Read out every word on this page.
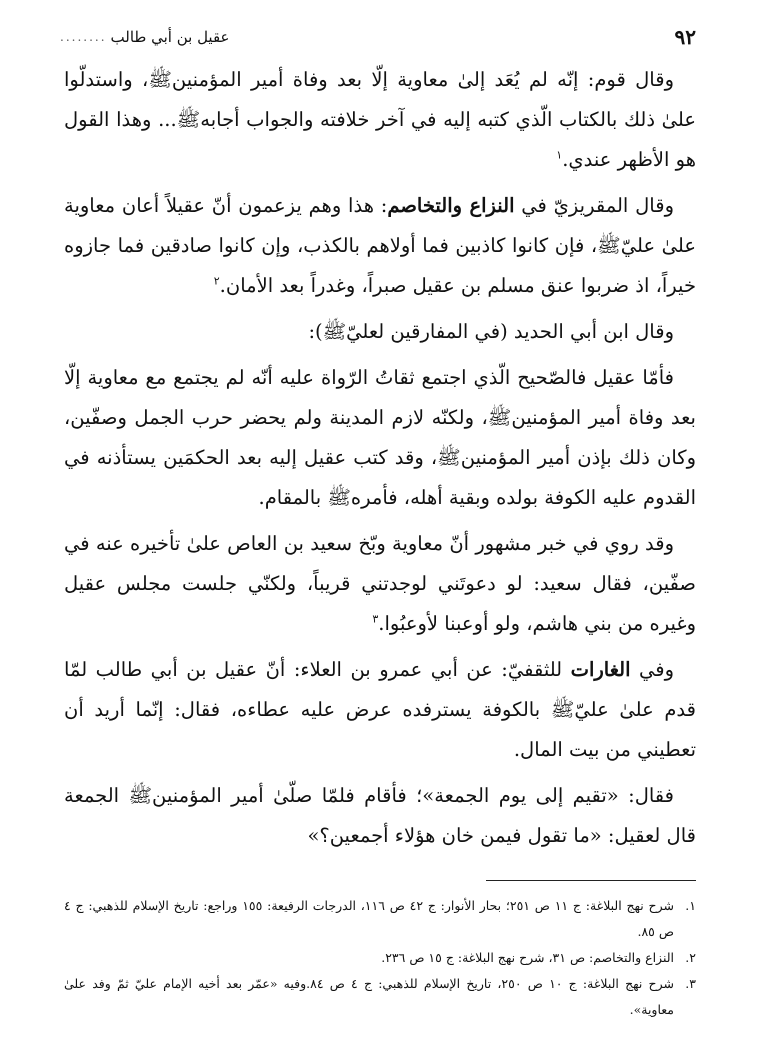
٩٢
عقيل بن أبي طالب
........

وقال قوم: إنّه لم يُعَد إلىٰ معاوية إلّا بعد وفاة أمير المؤمنينﷺ، واستدلّوا علىٰ ذلك بالكتاب الّذي كتبه إليه في آخر خلافته والجواب أجابهﷺ... وهذا القول هو الأظهر عندي.$^١$

وقال المقريزيّ في النزاع والتخاصم: هذا وهم يزعمون أنّ عقيلاً أعان معاوية علىٰ عليّﷺ، فإن كانوا كاذبين فما أولاهم بالكذب، وإن كانوا صادقين فما جازوه خيراً، اذ ضربوا عنق مسلم بن عقيل صبراً، وغدراً بعد الأمان.$^٢$

وقال ابن أبي الحديد (في المفارقين لعليّﷺ):

فأمّا عقيل فالصّحيح الّذي اجتمع ثقاتُ الرّواة عليه أنّه لم يجتمع مع معاوية إلّا بعد وفاة أمير المؤمنينﷺ، ولكنّه لازم المدينة ولم يحضر حرب الجمل وصفّين، وكان ذلك بإذن أمير المؤمنينﷺ، وقد كتب عقيل إليه بعد الحكمَين يستأذنه في القدوم عليه الكوفة بولده وبقية أهله، فأمرهﷺ بالمقام.

وقد روي في خبر مشهور أنّ معاوية وبّخ سعيد بن العاص علىٰ تأخيره عنه في صفّين، فقال سعيد: لو دعوتَني لوجدتني قريباً، ولكنّي جلست مجلس عقيل وغيره من بني هاشم، ولو أوعبنا لأوعبُوا.$^٣$

وفي الغارات للثقفيّ: عن أبي عمرو بن العلاء: أنّ عقيل بن أبي طالب لمّا قدم علىٰ عليّﷺ بالكوفة يسترفده عرض عليه عطاءه، فقال: إنّما أريد أن تعطيني من بيت المال.

فقال: «تقيم إلى يوم الجمعة»؛ فأقام فلمّا صلّىٰ أمير المؤمنينﷺ الجمعة قال لعقيل: «ما تقول فيمن خان هؤلاء أجمعين؟»

١.
شرح نهج البلاغة: ج ١١ ص ٢٥١؛ بحار الأنوار: ج ٤٢ ص ١١٦، الدرجات الرفيعة: ١٥٥ وراجع: تاريخ الإسلام للذهبي: ج ٤ ص ٨٥.

٢.
النزاع والتخاصم: ص ٣١، شرح نهج البلاغة: ج ١٥ ص ٢٣٦.

٣.
شرح نهج البلاغة: ج ١٠ ص ٢٥٠، تاريخ الإسلام للذهبي: ج ٤ ص ٨٤.وفيه «عمّر بعد أخيه الإمام عليّ ثمّ وفد علىٰ معاوية».
